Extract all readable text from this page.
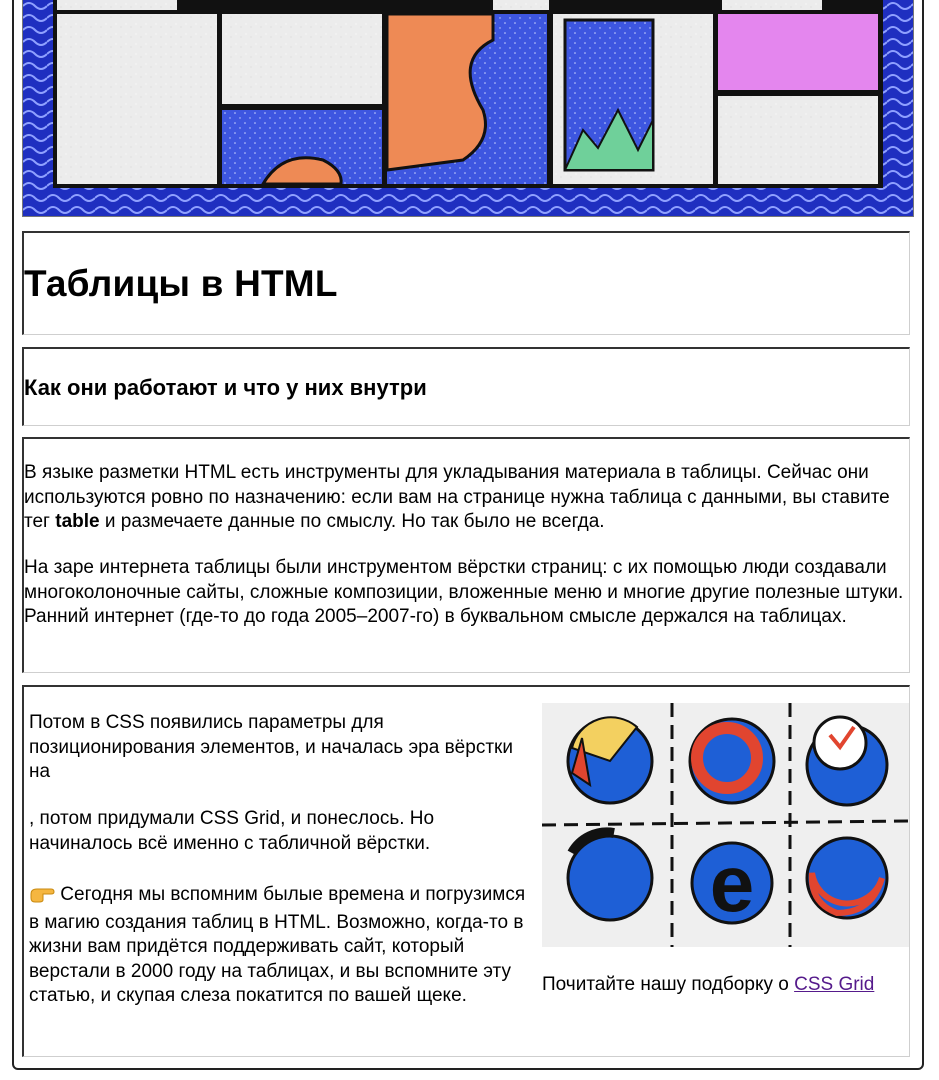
Таблицы в HTML
Как они работают и что у них внутри

В языке разметки HTML есть инструменты для укладывания материала в таблицы. Сейчас они используются ровно по назначению: если вам на странице нужна таблица с данными, вы ставите тег table и размечаете данные по смыслу. Но так было не всегда.

На заре интернета таблицы были инструментом вёрстки страниц: с их помощью люди создавали многоколоночные сайты, сложные композиции, вложенные меню и многие другие полезные штуки. Ранний интернет (где-то до года 2005–2007-го) в буквальном смысле держался на таблицах.

Потом в CSS появились параметры для позиционирования элементов, и началась эра вёрстки на

, потом придумали CSS Grid, и понеслось. Но начиналось всё именно с табличной вёрстки.

Сегодня мы вспомним былые времена и погрузимся в магию создания таблиц в HTML. Возможно, когда-то в жизни вам придётся поддерживать сайт, который верстали в 2000 году на таблицах, и вы вспомните эту статью, и скупая слеза покатится по вашей щеке.

e
Почитайте нашу подборку о CSS Grid
